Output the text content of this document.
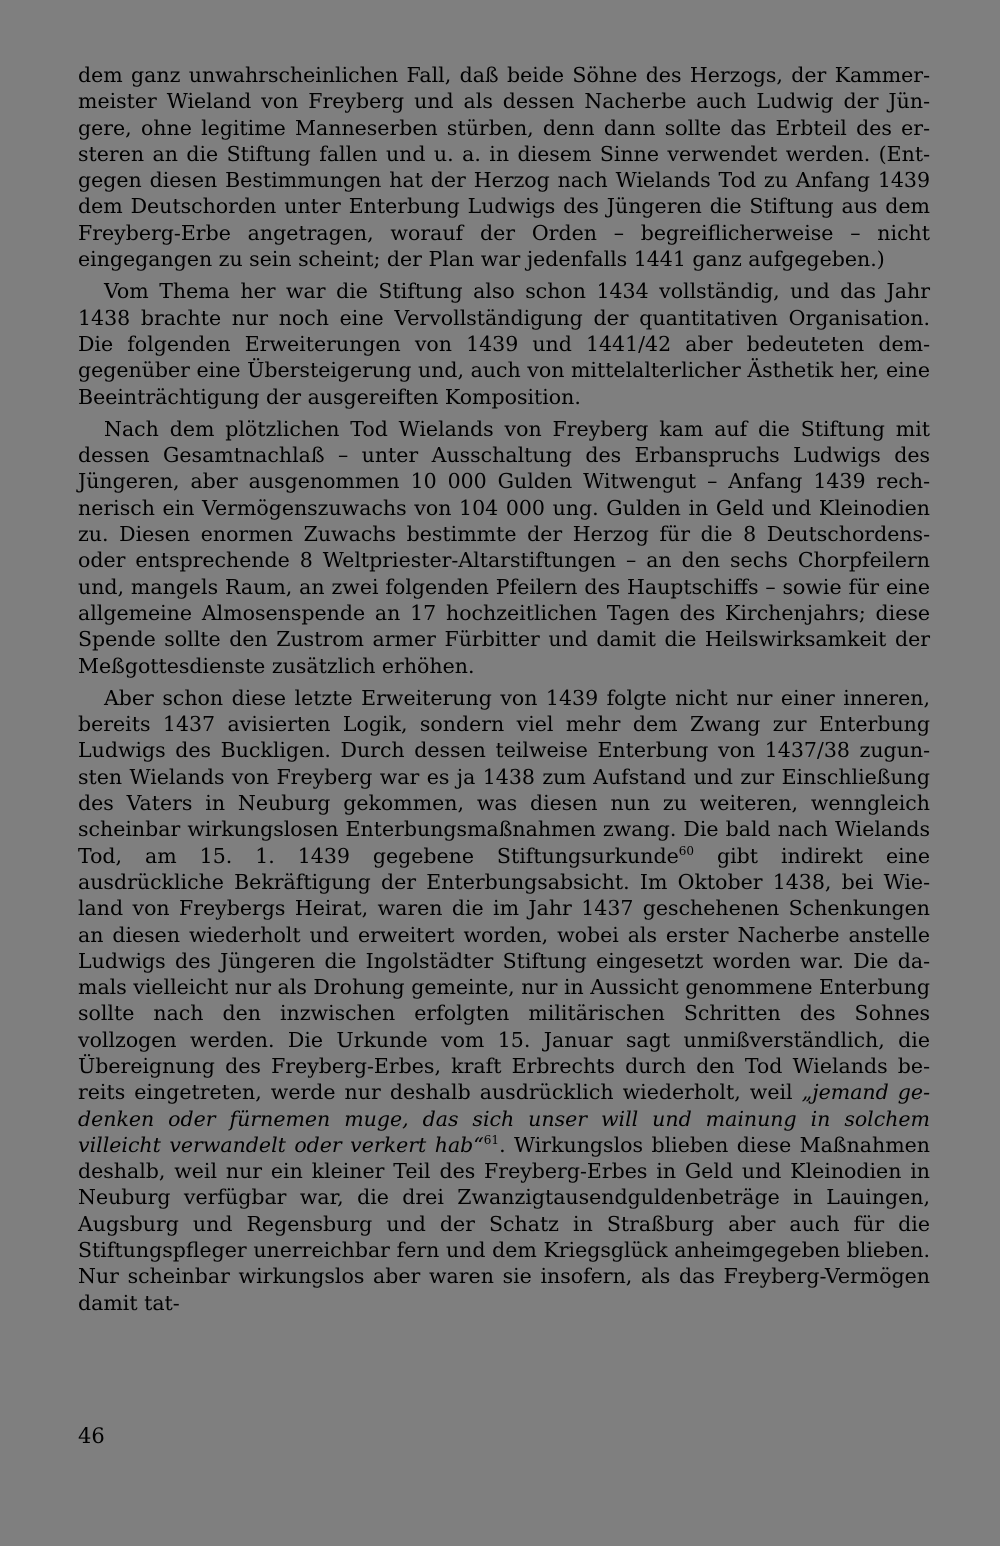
dem ganz unwahrscheinlichen Fall, daß beide Söhne des Herzogs, der Kammermeister Wieland von Freyberg und als dessen Nacherbe auch Ludwig der Jüngere, ohne legitime Manneserben stürben, denn dann sollte das Erbteil des ersteren an die Stiftung fallen und u. a. in diesem Sinne verwendet werden. (Entgegen diesen Bestimmungen hat der Herzog nach Wielands Tod zu Anfang 1439 dem Deutschorden unter Enterbung Ludwigs des Jüngeren die Stiftung aus dem Freyberg-Erbe angetragen, worauf der Orden – begreiflicherweise – nicht eingegangen zu sein scheint; der Plan war jedenfalls 1441 ganz aufgegeben.)

Vom Thema her war die Stiftung also schon 1434 vollständig, und das Jahr 1438 brachte nur noch eine Vervollständigung der quantitativen Organisation. Die folgenden Erweiterungen von 1439 und 1441/42 aber bedeuteten demgegenüber eine Übersteigerung und, auch von mittelalterlicher Ästhetik her, eine Beeinträchtigung der ausgereiften Komposition.

Nach dem plötzlichen Tod Wielands von Freyberg kam auf die Stiftung mit dessen Gesamtnachlaß – unter Ausschaltung des Erbanspruchs Ludwigs des Jüngeren, aber ausgenommen 10 000 Gulden Witwengut – Anfang 1439 rechnerisch ein Vermögenszuwachs von 104 000 ung. Gulden in Geld und Kleinodien zu. Diesen enormen Zuwachs bestimmte der Herzog für die 8 Deutschordens- oder entsprechende 8 Weltpriester-Altarstiftungen – an den sechs Chorpfeilern und, mangels Raum, an zwei folgenden Pfeilern des Hauptschiffs – sowie für eine allgemeine Almosenspende an 17 hochzeitlichen Tagen des Kirchenjahrs; diese Spende sollte den Zustrom armer Fürbitter und damit die Heilswirksamkeit der Meßgottesdienste zusätzlich erhöhen.

Aber schon diese letzte Erweiterung von 1439 folgte nicht nur einer inneren, bereits 1437 avisierten Logik, sondern viel mehr dem Zwang zur Enterbung Ludwigs des Buckligen. Durch dessen teilweise Enterbung von 1437/38 zugunsten Wielands von Freyberg war es ja 1438 zum Aufstand und zur Einschließung des Vaters in Neuburg gekommen, was diesen nun zu weiteren, wenngleich scheinbar wirkungslosen Enterbungsmaßnahmen zwang. Die bald nach Wielands Tod, am 15. 1. 1439 gegebene Stiftungsurkunde$^{60}$ gibt indirekt eine ausdrückliche Bekräftigung der Enterbungsabsicht. Im Oktober 1438, bei Wieland von Freybergs Heirat, waren die im Jahr 1437 geschehenen Schenkungen an diesen wiederholt und erweitert worden, wobei als erster Nacherbe anstelle Ludwigs des Jüngeren die Ingolstädter Stiftung eingesetzt worden war. Die damals vielleicht nur als Drohung gemeinte, nur in Aussicht genommene Enterbung sollte nach den inzwischen erfolgten militärischen Schritten des Sohnes vollzogen werden. Die Urkunde vom 15. Januar sagt unmißverständlich, die Übereignung des Freyberg-Erbes, kraft Erbrechts durch den Tod Wielands bereits eingetreten, werde nur deshalb ausdrücklich wiederholt, weil „jemand gedenken oder fürnemen muge, das sich unser will und mainung in solchem villeicht verwandelt oder verkert hab“$^{61}$. Wirkungslos blieben diese Maßnahmen deshalb, weil nur ein kleiner Teil des Freyberg-Erbes in Geld und Kleinodien in Neuburg verfügbar war, die drei Zwanzigtausendguldenbeträge in Lauingen, Augsburg und Regensburg und der Schatz in Straßburg aber auch für die Stiftungspfleger unerreichbar fern und dem Kriegsglück anheimgegeben blieben. Nur scheinbar wirkungslos aber waren sie insofern, als das Freyberg-Vermögen damit tat-

46
